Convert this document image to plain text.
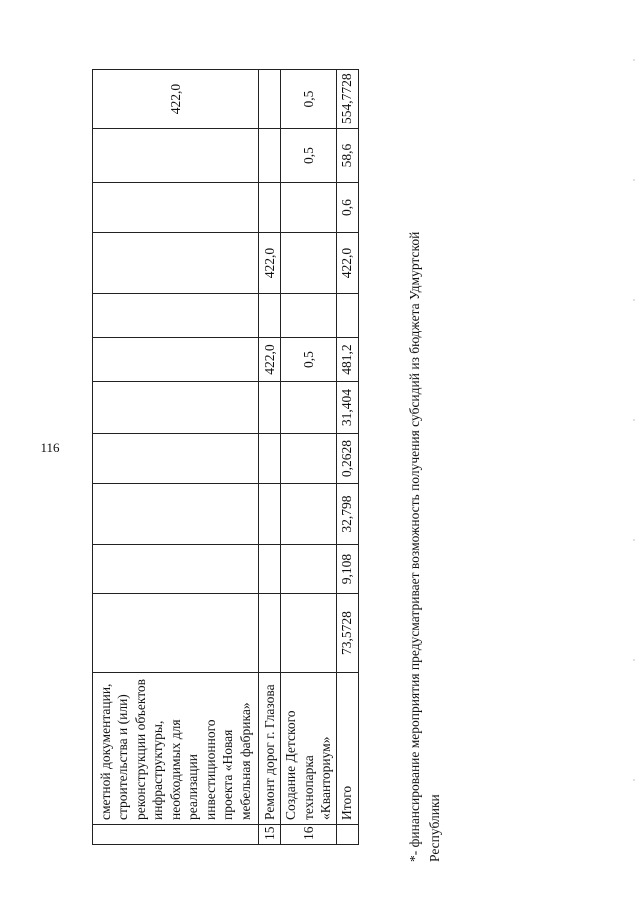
116
	сметной документации, строительства и (или) реконструкции объектов инфраструктуры, необходимых для реализации инвестиционного проекта «Новая мебельная фабрика»											422,0
15	Ремонт дорог г. Глазова						422,0		422,0			
16	Создание Детского технопарка «Кванториум»						0,5				0,5	0,5
	Итого	73,5728	9,108	32,798	0,2628	31,404	481,2		422,0	0,6	58,6	554,7728
*- финансирование мероприятия предусматривает возможность получения субсидий из бюджета Удмуртской Республики
